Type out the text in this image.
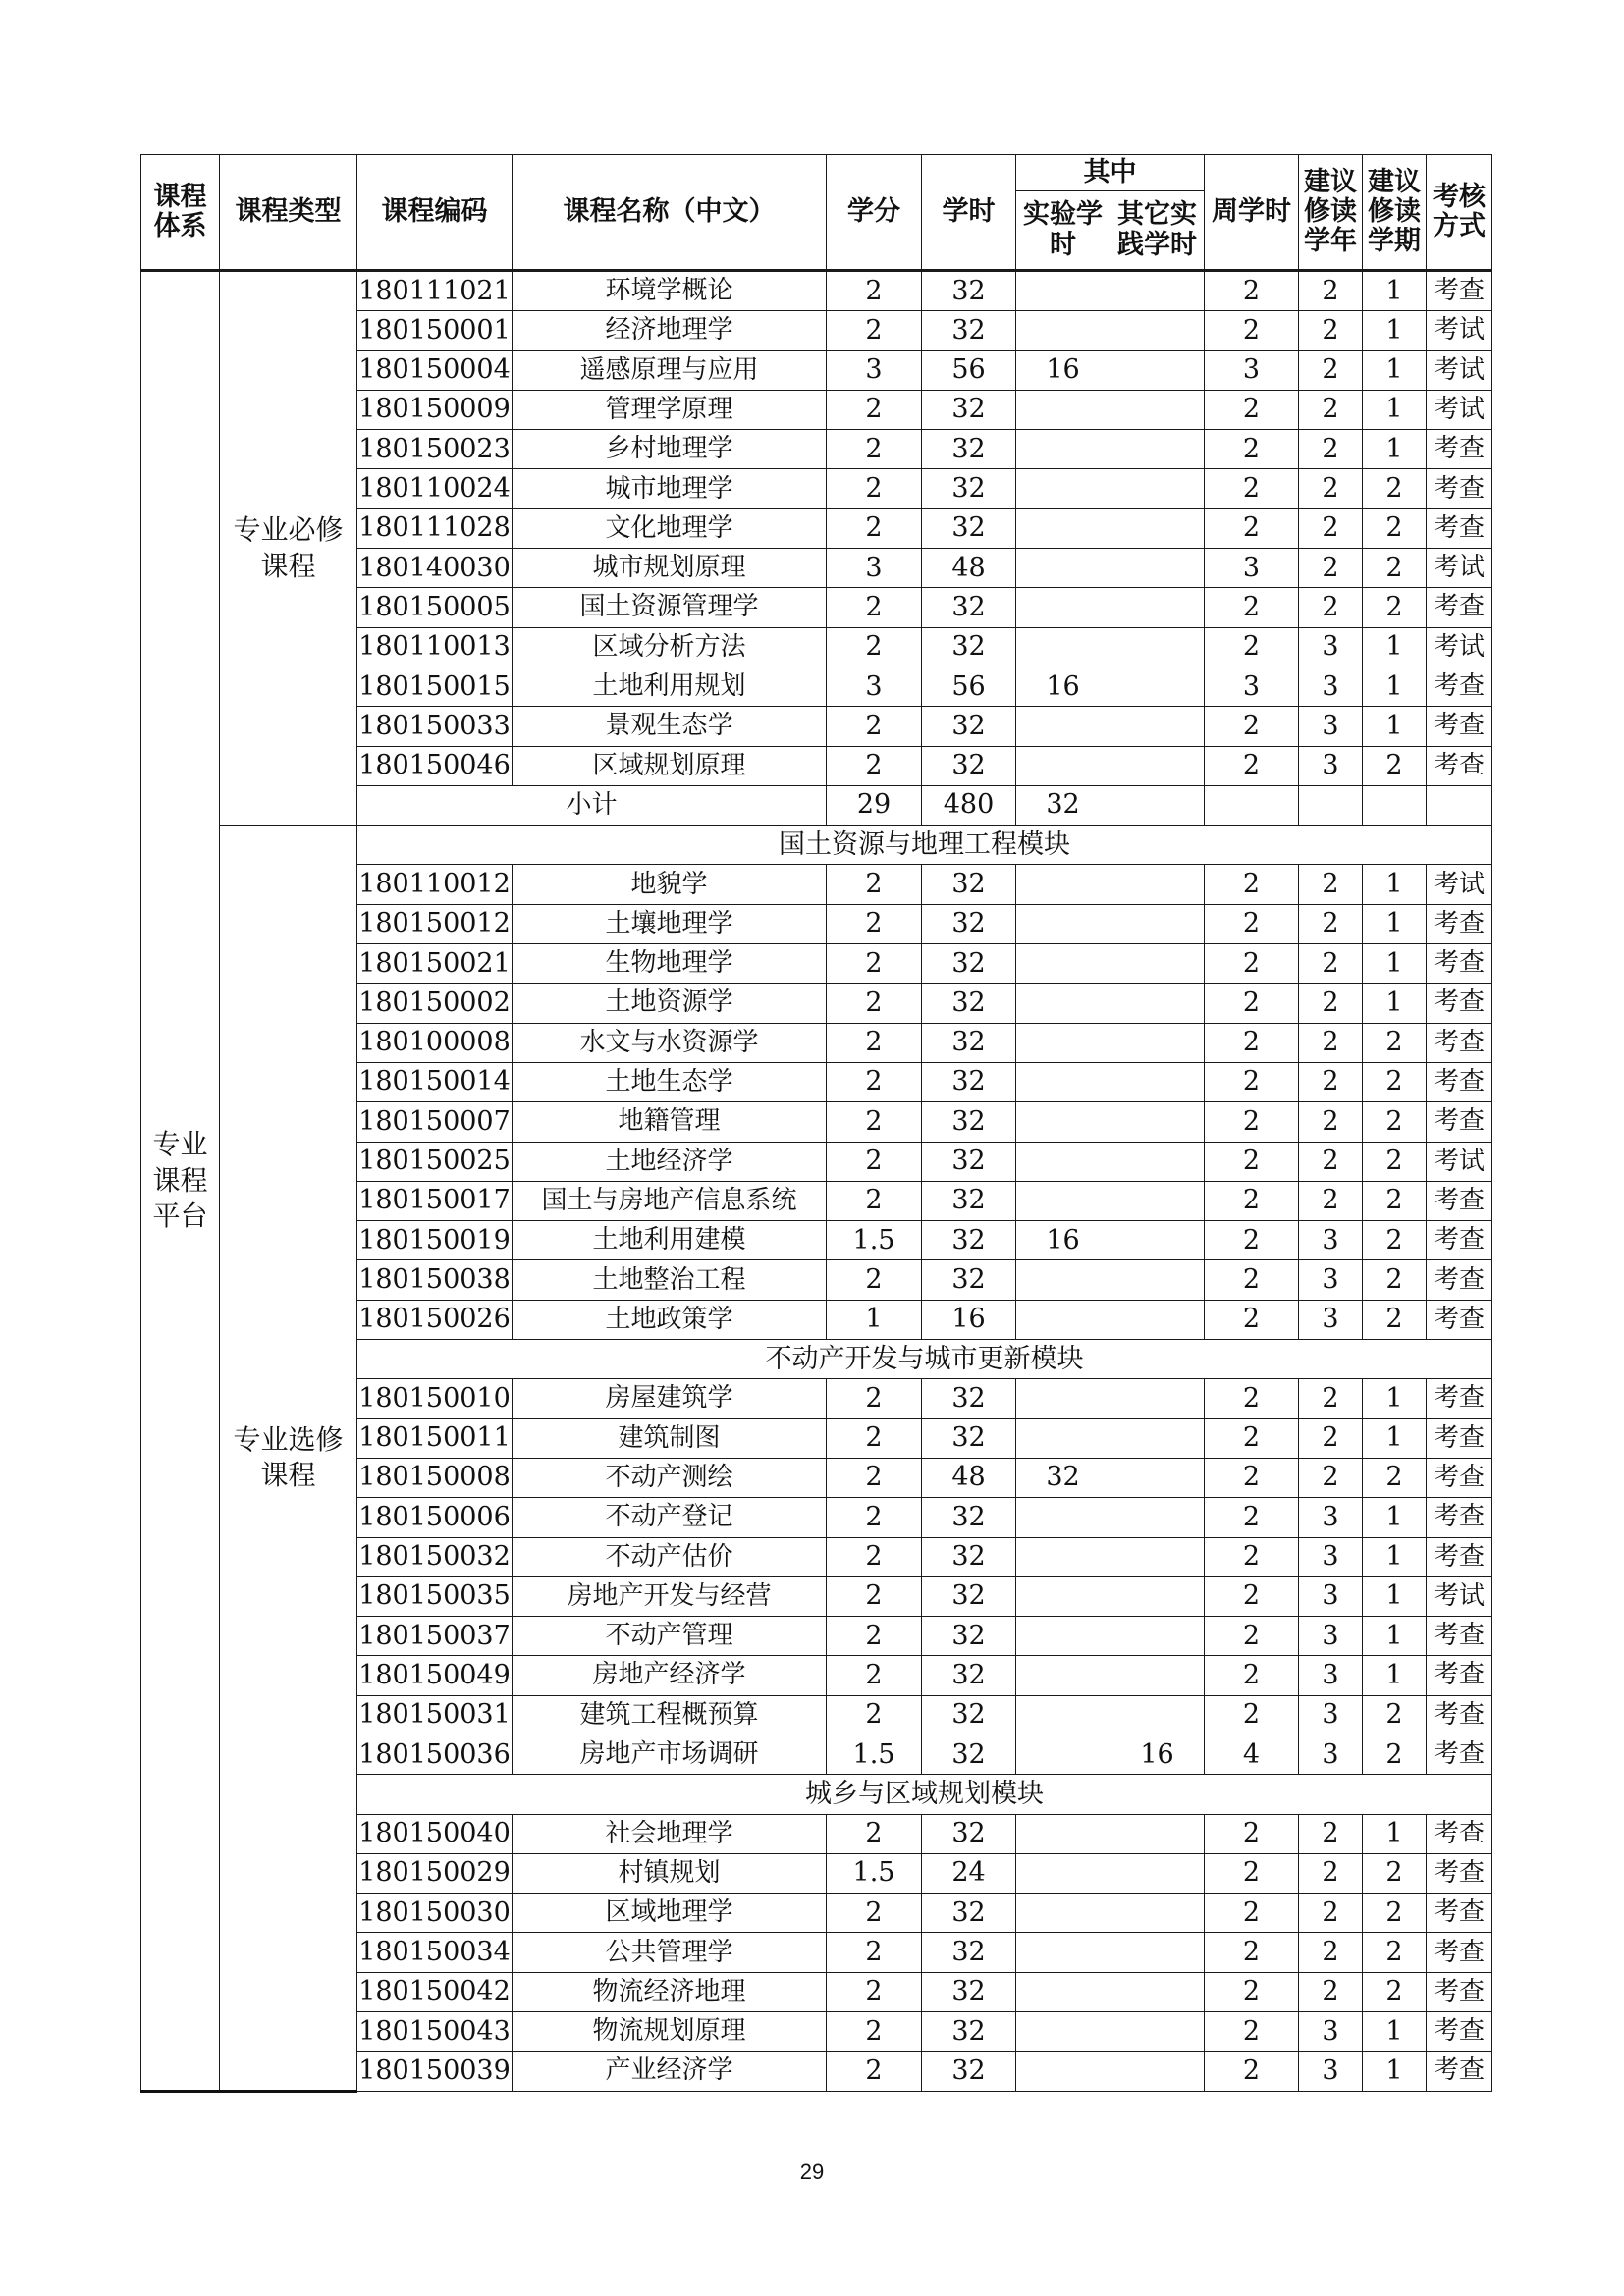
课程体系	课程类型	课程编码	课程名称（中文）	学分	学时	其中		周学时	建议修读学年	建议修读学期	考核方式
						实验学时	其它实践学时				
专业课程平台	专业必修课程	180111021	环境学概论	2	32			2	2	1	考查
		180150001	经济地理学	2	32			2	2	1	考试
		180150004	遥感原理与应用	3	56	16		3	2	1	考试
		180150009	管理学原理	2	32			2	2	1	考试
		180150023	乡村地理学	2	32			2	2	1	考查
		180110024	城市地理学	2	32			2	2	2	考查
		180111028	文化地理学	2	32			2	2	2	考查
		180140030	城市规划原理	3	48			3	2	2	考试
		180150005	国土资源管理学	2	32			2	2	2	考查
		180110013	区域分析方法	2	32			2	3	1	考试
		180150015	土地利用规划	3	56	16		3	3	1	考查
		180150033	景观生态学	2	32			2	3	1	考查
		180150046	区域规划原理	2	32			2	3	2	考查
		小计		29	480	32					
	专业选修课程	国土资源与地理工程模块									
		180110012	地貌学	2	32			2	2	1	考试
		180150012	土壤地理学	2	32			2	2	1	考查
		180150021	生物地理学	2	32			2	2	1	考查
		180150002	土地资源学	2	32			2	2	1	考查
		180100008	水文与水资源学	2	32			2	2	2	考查
		180150014	土地生态学	2	32			2	2	2	考查
		180150007	地籍管理	2	32			2	2	2	考查
		180150025	土地经济学	2	32			2	2	2	考试
		180150017	国土与房地产信息系统	2	32			2	2	2	考查
		180150019	土地利用建模	1.5	32	16		2	3	2	考查
		180150038	土地整治工程	2	32			2	3	2	考查
		180150026	土地政策学	1	16			2	3	2	考查
		不动产开发与城市更新模块									
		180150010	房屋建筑学	2	32			2	2	1	考查
		180150011	建筑制图	2	32			2	2	1	考查
		180150008	不动产测绘	2	48	32		2	2	2	考查
		180150006	不动产登记	2	32			2	3	1	考查
		180150032	不动产估价	2	32			2	3	1	考查
		180150035	房地产开发与经营	2	32			2	3	1	考试
		180150037	不动产管理	2	32			2	3	1	考查
		180150049	房地产经济学	2	32			2	3	1	考查
		180150031	建筑工程概预算	2	32			2	3	2	考查
		180150036	房地产市场调研	1.5	32		16	4	3	2	考查
		城乡与区域规划模块									
		180150040	社会地理学	2	32			2	2	1	考查
		180150029	村镇规划	1.5	24			2	2	2	考查
		180150030	区域地理学	2	32			2	2	2	考查
		180150034	公共管理学	2	32			2	2	2	考查
		180150042	物流经济地理	2	32			2	2	2	考查
		180150043	物流规划原理	2	32			2	3	1	考查
		180150039	产业经济学	2	32			2	3	1	考查
29
